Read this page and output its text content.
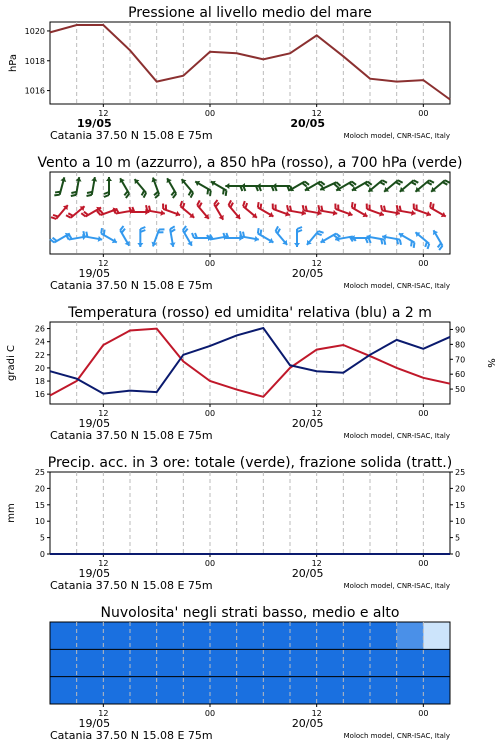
Pressione al livello medio del mare
12	00	12	00
19/05	20/05
Catania 37.50 N 15.08 E 75m	Moloch model, CNR-ISAC, Italy
1016
1018
1020
hPa
Vento a 10 m (azzurro), a 850 hPa (rosso), a 700 hPa (verde)
12	00	12	00
19/05	20/05
Catania 37.50 N 15.08 E 75m	Moloch model, CNR-ISAC, Italy
Temperatura (rosso) ed umidita' relativa (blu) a 2 m
12	00	12	00
19/05	20/05
Catania 37.50 N 15.08 E 75m	Moloch model, CNR-ISAC, Italy
16
18
20
22
24
26
50
60
70
80
90
gradi C	%
Precip. acc. in 3 ore: totale (verde), frazione solida (tratt.)
12	00	12	00
19/05	20/05
Catania 37.50 N 15.08 E 75m	Moloch model, CNR-ISAC, Italy
0	0
5	5
10	10
15	15
20	20
25	25
mm
Nuvolosita' negli strati basso, medio e alto
12	00	12	00
19/05	20/05
Catania 37.50 N 15.08 E 75m	Moloch model, CNR-ISAC, Italy
